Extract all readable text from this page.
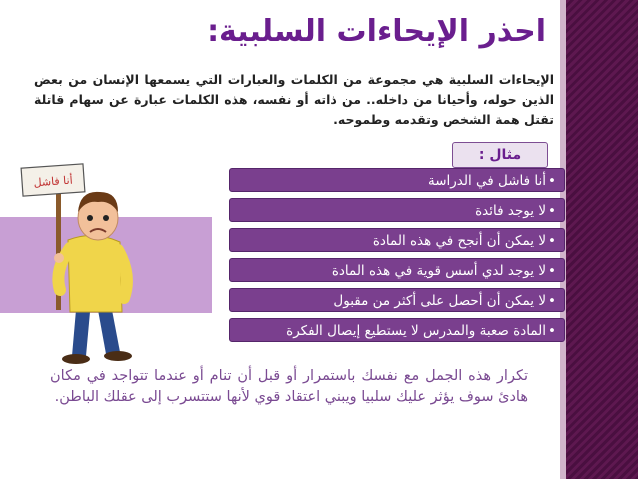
احذر الإيحاءات السلبية:
الإيحاءات السلبية هي مجموعة من الكلمات والعبارات التي يسمعها الإنسان من بعض الذين حوله، وأحيانا من داخله.. من ذاته أو نفسه، هذه الكلمات عبارة عن سهام قاتلة تقتل همة الشخص وتقدمه وطموحه.
مثال :
أنا فاشل	•أنا فاشل في الدراسة
•لا يوجد فائدة
•لا يمكن أن أنجح في هذه المادة
•لا يوجد لدي أسس قوية في هذه المادة
•لا يمكن أن أحصل على أكثر من مقبول
•المادة صعبة والمدرس لا يستطيع إيصال الفكرة
تكرار هذه الجمل مع نفسك باستمرار أو قبل أن تنام أو عندما تتواجد في مكان هادئ سوف يؤثر عليك سلبيا ويبني اعتقاد قوي لأنها ستتسرب إلى عقلك الباطن.
